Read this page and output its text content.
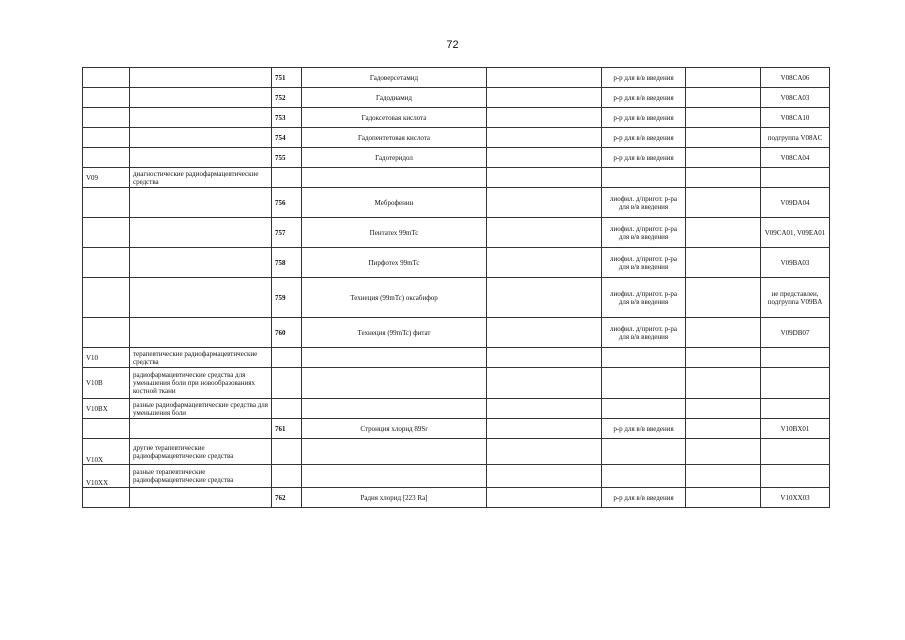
72
		751	Гадоверсетамид		р-р для в/в введения		V08CA06
		752	Гадодиамид		р-р для в/в введения		V08CA03
		753	Гадоксетовая кислота		р-р для в/в введения		V08CA10
		754	Гадопентетовая кислота		р-р для в/в введения		подгруппа V08AC
		755	Гадотеридол		р-р для в/в введения		V08CA04
V09	диагностические радиофармацевтические средства						
		756	Меброфенин		лиофил. д/пригот. р-ра для в/в введения		V09DA04
		757	Пентатех 99mTc		лиофил. д/пригот. р-ра для в/в введения		V09CA01, V09EA01
		758	Пирфотех 99mTc		лиофил. д/пригот. р-ра для в/в введения		V09BA03
		759	Технеция (99mTc) оксабифор		лиофил. д/пригот. р-ра для в/в введения		не представлен, подгруппа V09BA
		760	Технеция (99mTc) фитат		лиофил. д/пригот. р-ра для в/в введения		V09DB07
V10	терапевтические радиофармацевтические средства						
V10B	радиофармацевтические средства для уменьшения боли при новообразованиях костной ткани						
V10BX	разные радиофармацевтические средства для уменьшения боли						
		761	Стронция хлорид 89Sr		р-р для в/в введения		V10BX01
V10X	другие терапевтические радиофармацевтические средства						
V10XX	разные терапевтические радиофармацевтические средства						
		762	Радия хлорид [223 Ra]		р-р для в/в введения		V10XX03
